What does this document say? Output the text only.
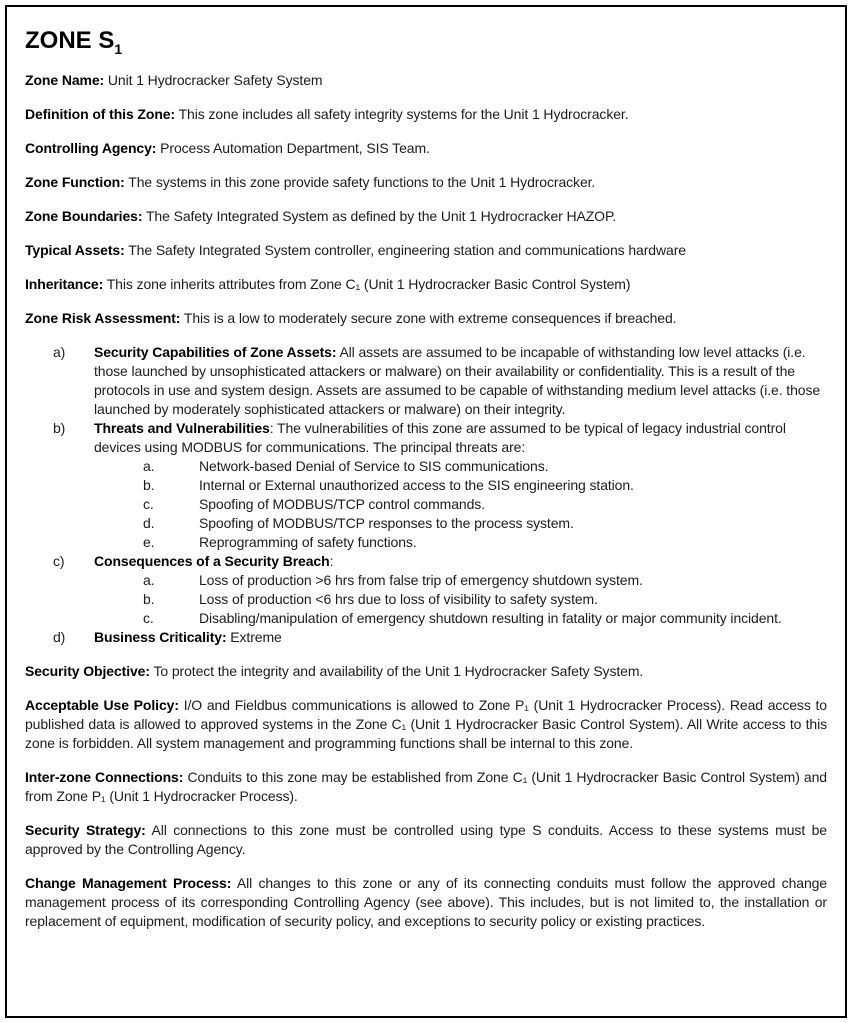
ZONE $S_1$

Zone Name: Unit 1 Hydrocracker Safety System

Definition of this Zone: This zone includes all safety integrity systems for the Unit 1 Hydrocracker.

Controlling Agency: Process Automation Department, SIS Team.

Zone Function: The systems in this zone provide safety functions to the Unit 1 Hydrocracker.

Zone Boundaries: The Safety Integrated System as defined by the Unit 1 Hydrocracker HAZOP.

Typical Assets: The Safety Integrated System controller, engineering station and communications hardware

Inheritance: This zone inherits attributes from Zone C₁ (Unit 1 Hydrocracker Basic Control System)

Zone Risk Assessment: This is a low to moderately secure zone with extreme consequences if breached.

a)	Security Capabilities of Zone Assets: All assets are assumed to be incapable of withstanding low level attacks (i.e. those launched by unsophisticated attackers or malware) on their availability or confidentiality. This is a result of the protocols in use and system design. Assets are assumed to be capable of withstanding medium level attacks (i.e. those launched by moderately sophisticated attackers or malware) on their integrity.
b)	Threats and Vulnerabilities: The vulnerabilities of this zone are assumed to be typical of legacy industrial control devices using MODBUS for communications. The principal threats are:
a.	Network-based Denial of Service to SIS communications.
b.	Internal or External unauthorized access to the SIS engineering station.
c.	Spoofing of MODBUS/TCP control commands.
d.	Spoofing of MODBUS/TCP responses to the process system.
e.	Reprogramming of safety functions.
c)	Consequences of a Security Breach:
a.	Loss of production >6 hrs from false trip of emergency shutdown system.
b.	Loss of production <6 hrs due to loss of visibility to safety system.
c.	Disabling/manipulation of emergency shutdown resulting in fatality or major community incident.
d)	Business Criticality: Extreme

Security Objective: To protect the integrity and availability of the Unit 1 Hydrocracker Safety System.

Acceptable Use Policy: I/O and Fieldbus communications is allowed to Zone P₁ (Unit 1 Hydrocracker Process). Read access to published data is allowed to approved systems in the Zone C₁ (Unit 1 Hydrocracker Basic Control System). All Write access to this zone is forbidden. All system management and programming functions shall be internal to this zone.

Inter-zone Connections: Conduits to this zone may be established from Zone C₁ (Unit 1 Hydrocracker Basic Control System) and from Zone P₁ (Unit 1 Hydrocracker Process).

Security Strategy: All connections to this zone must be controlled using type S conduits. Access to these systems must be approved by the Controlling Agency.

Change Management Process: All changes to this zone or any of its connecting conduits must follow the approved change management process of its corresponding Controlling Agency (see above). This includes, but is not limited to, the installation or replacement of equipment, modification of security policy, and exceptions to security policy or existing practices.
